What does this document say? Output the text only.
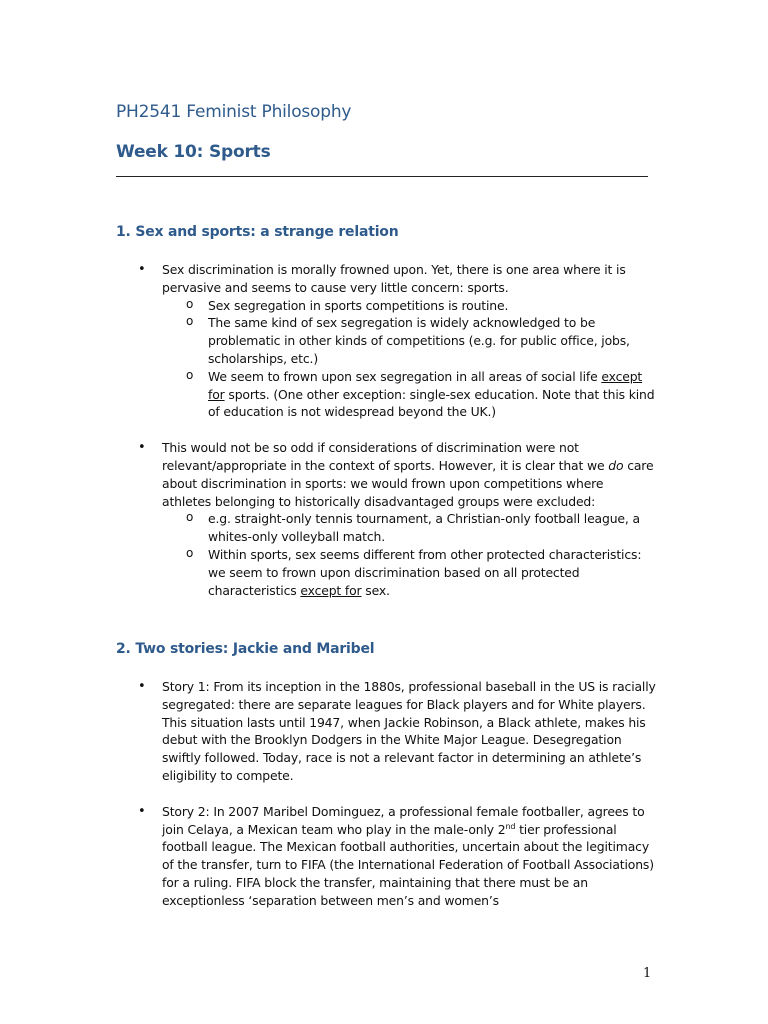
PH2541 Feminist Philosophy
Week 10: Sports
1. Sex and sports: a strange relation
• Sex discrimination is morally frowned upon. Yet, there is one area where it is pervasive and seems to cause very little concern: sports.
o Sex segregation in sports competitions is routine.
o The same kind of sex segregation is widely acknowledged to be problematic in other kinds of competitions (e.g. for public office, jobs, scholarships, etc.)
o We seem to frown upon sex segregation in all areas of social life except for sports. (One other exception: single-sex education. Note that this kind of education is not widespread beyond the UK.)
• This would not be so odd if considerations of discrimination were not relevant/appropriate in the context of sports. However, it is clear that we do care about discrimination in sports: we would frown upon competitions where athletes belonging to historically disadvantaged groups were excluded:
o e.g. straight-only tennis tournament, a Christian-only football league, a whites-only volleyball match.
o Within sports, sex seems different from other protected characteristics: we seem to frown upon discrimination based on all protected characteristics except for sex.
2. Two stories: Jackie and Maribel
• Story 1: From its inception in the 1880s, professional baseball in the US is racially segregated: there are separate leagues for Black players and for White players. This situation lasts until 1947, when Jackie Robinson, a Black athlete, makes his debut with the Brooklyn Dodgers in the White Major League. Desegregation swiftly followed. Today, race is not a relevant factor in determining an athlete’s eligibility to compete.
• Story 2: In 2007 Maribel Dominguez, a professional female footballer, agrees to join Celaya, a Mexican team who play in the male-only 2nd tier professional football league. The Mexican football authorities, uncertain about the legitimacy of the transfer, turn to FIFA (the International Federation of Football Associations) for a ruling. FIFA block the transfer, maintaining that there must be an exceptionless ‘separation between men’s and women’s
1
